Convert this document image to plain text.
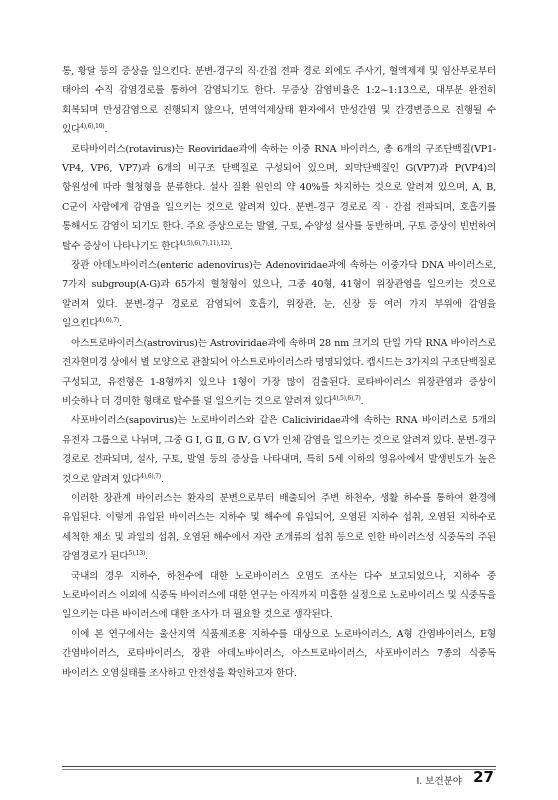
통, 황달 등의 증상을 일으킨다. 분변-경구의 직·간접 전파 경로 외에도 주사기, 혈액제제 및 임산부로부터 태아의 수직 감염경로를 통하여 감염되기도 한다. 무증상 감염비율은 1:2~1:13으로, 대부분 완전히 회복되며 만성감염으로 진행되지 않으나, 면역억제상태 환자에서 만성간염 및 간경변증으로 진행될 수 있다$^{4),6),10)}$.

로타바이러스(rotavirus)는 Reoviridae과에 속하는 이중 RNA 바이러스, 총 6개의 구조단백질(VP1-VP4, VP6, VP7)과 6개의 비구조 단백질로 구성되어 있으며, 외막단백질인 G(VP7)과 P(VP4)의 항원성에 따라 혈청형을 분류한다. 설사 질환 원인의 약 40%를 차지하는 것으로 알려져 있으며, A, B, C군이 사람에게 감염을 일으키는 것으로 알려져 있다. 분변-경구 경로로 직 · 간접 전파되며, 호흡기를 통해서도 감염이 되기도 한다. 주요 증상으로는 발열, 구토, 수양성 설사를 동반하며, 구토 증상이 빈번하여 탈수 증상이 나타나기도 한다$^{4),5),6),7),11),12)}$.

장관 아데노바이러스(enteric adenovirus)는 Adenoviridae과에 속하는 이중가닥 DNA 바이러스로, 7가지 subgroup(A-G)과 65가지 혈청형이 있으나, 그중 40형, 41형이 위장관염을 일으키는 것으로 알려져 있다. 분변-경구 경로로 감염되어 호흡기, 위장관, 눈, 신장 등 여러 가지 부위에 감염을 일으킨다$^{4),6),7)}$.

아스트로바이러스(astrovirus)는 Astroviridae과에 속하며 28 nm 크기의 단일 가닥 RNA 바이러스로 전자현미경 상에서 별 모양으로 관찰되어 아스트로바이러스라 명명되었다. 캡시드는 3가지의 구조단백질로 구성되고, 유전형은 1-8형까지 있으나 1형이 가장 많이 검출된다. 로타바이러스 위장관염과 증상이 비슷하나 더 경미한 형태로 탈수를 덜 일으키는 것으로 알려져 있다$^{4),5),6),7)}$.

사포바이러스(sapovirus)는 노로바이러스와 같은 Caliciviridae과에 속하는 RNA 바이러스로 5개의 유전자 그룹으로 나뉘며, 그중 G Ⅰ, G Ⅱ, G Ⅳ, G Ⅴ가 인체 감염을 일으키는 것으로 알려져 있다. 분변-경구 경로로 전파되며, 설사, 구토, 발열 등의 증상을 나타내며, 특히 5세 이하의 영유아에서 발생빈도가 높은 것으로 알려져 있다$^{4),6),7)}$.

이러한 장관계 바이러스는 환자의 분변으로부터 배출되어 주변 하천수, 생활 하수를 통하여 환경에 유입된다. 이렇게 유입된 바이러스는 지하수 및 해수에 유입되어, 오염된 지하수 섭취, 오염된 지하수로 세척한 채소 및 과일의 섭취, 오염된 해수에서 자란 조개류의 섭취 등으로 인한 바이러스성 식중독의 주된 감염경로가 된다$^{5),13)}$.

국내의 경우 지하수, 하천수에 대한 노로바이러스 오염도 조사는 다수 보고되었으나, 지하수 중 노로바이러스 이외에 식중독 바이러스에 대한 연구는 아직까지 미흡한 실정으로 노로바이러스 및 식중독을 일으키는 다른 바이러스에 대한 조사가 더 필요할 것으로 생각된다.

이에 본 연구에서는 울산지역 식품제조용 지하수를 대상으로 노로바이러스, A형 간염바이러스, E형 간염바이러스, 로타바이러스, 장관 아데노바이러스, 아스트로바이러스, 사포바이러스 7종의 식중독 바이러스 오염실태를 조사하고 안전성을 확인하고자 한다.

Ⅰ. 보건분야 27
